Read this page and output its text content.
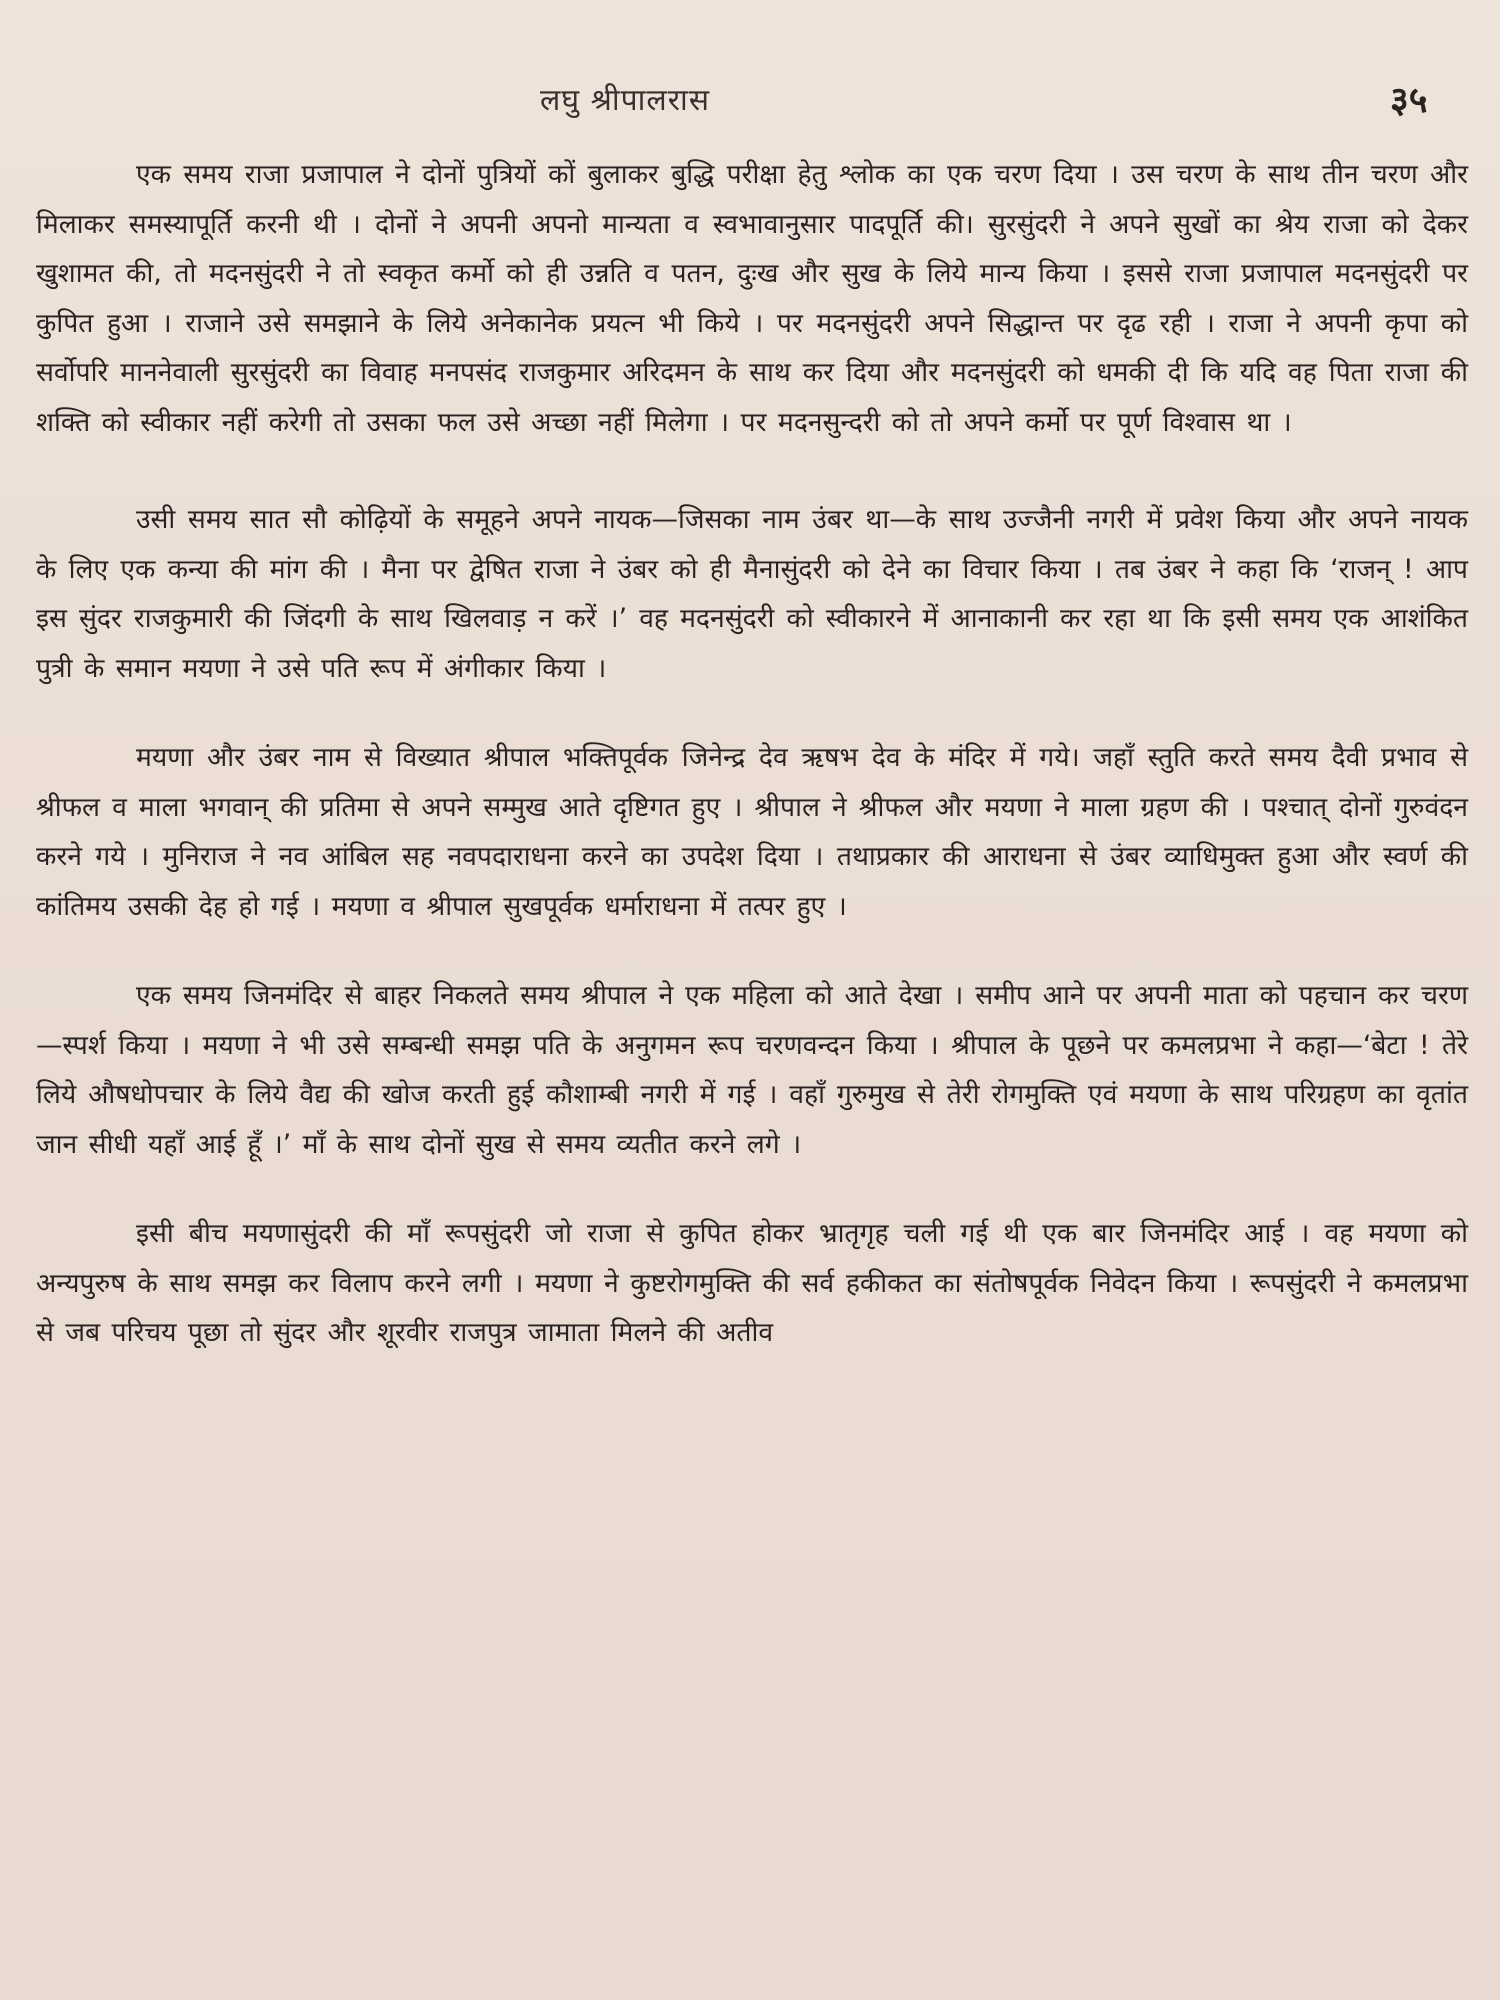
लघु श्रीपालरास	३५

एक समय राजा प्रजापाल ने दोनों पुत्रियों कों बुलाकर बुद्धि परीक्षा हेतु श्लोक का एक चरण दिया । उस चरण के साथ तीन चरण और मिलाकर समस्यापूर्ति करनी थी । दोनों ने अपनी अपनो मान्यता व स्वभावानुसार पादपूर्ति की। सुरसुंदरी ने अपने सुखों का श्रेय राजा को देकर खुशामत की, तो मदनसुंदरी ने तो स्वकृत कर्मो को ही उन्नति व पतन, दुःख और सुख के लिये मान्य किया । इससे राजा प्रजापाल मदनसुंदरी पर कुपित हुआ । राजाने उसे समझाने के लिये अनेकानेक प्रयत्न भी किये । पर मदनसुंदरी अपने सिद्धान्त पर दृढ रही । राजा ने अपनी कृपा को सर्वोपरि माननेवाली सुरसुंदरी का विवाह मनपसंद राजकुमार अरिदमन के साथ कर दिया और मदनसुंदरी को धमकी दी कि यदि वह पिता राजा की शक्ति को स्वीकार नहीं करेगी तो उसका फल उसे अच्छा नहीं मिलेगा । पर मदनसुन्दरी को तो अपने कर्मो पर पूर्ण विश्वास था ।

उसी समय सात सौ कोढ़ियों के समूहने अपने नायक—जिसका नाम उंबर था—के साथ उज्जैनी नगरी में प्रवेश किया और अपने नायक के लिए एक कन्या की मांग की । मैना पर द्वेषित राजा ने उंबर को ही मैनासुंदरी को देने का विचार किया । तब उंबर ने कहा कि ‘राजन् ! आप इस सुंदर राजकुमारी की जिंदगी के साथ खिलवाड़ न करें ।’ वह मदनसुंदरी को स्वीकारने में आनाकानी कर रहा था कि इसी समय एक आशंकित पुत्री के समान मयणा ने उसे पति रूप में अंगीकार किया ।

मयणा और उंबर नाम से विख्यात श्रीपाल भक्तिपूर्वक जिनेन्द्र देव ऋषभ देव के मंदिर में गये। जहाँ स्तुति करते समय दैवी प्रभाव से श्रीफल व माला भगवान् की प्रतिमा से अपने सम्मुख आते दृष्टिगत हुए । श्रीपाल ने श्रीफल और मयणा ने माला ग्रहण की । पश्चात् दोनों गुरुवंदन करने गये । मुनिराज ने नव आंबिल सह नवपदाराधना करने का उपदेश दिया । तथाप्रकार की आराधना से उंबर व्याधिमुक्त हुआ और स्वर्ण की कांतिमय उसकी देह हो गई । मयणा व श्रीपाल सुखपूर्वक धर्माराधना में तत्पर हुए ।

एक समय जिनमंदिर से बाहर निकलते समय श्रीपाल ने एक महिला को आते देखा । समीप आने पर अपनी माता को पहचान कर चरण—स्पर्श किया । मयणा ने भी उसे सम्बन्धी समझ पति के अनुगमन रूप चरणवन्दन किया । श्रीपाल के पूछने पर कमलप्रभा ने कहा—‘बेटा ! तेरे लिये औषधोपचार के लिये वैद्य की खोज करती हुई कौशाम्बी नगरी में गई । वहाँ गुरुमुख से तेरी रोगमुक्ति एवं मयणा के साथ परिग्रहण का वृतांत जान सीधी यहाँ आई हूँ ।’ माँ के साथ दोनों सुख से समय व्यतीत करने लगे ।

इसी बीच मयणासुंदरी की माँ रूपसुंदरी जो राजा से कुपित होकर भ्रातृगृह चली गई थी एक बार जिनमंदिर आई । वह मयणा को अन्यपुरुष के साथ समझ कर विलाप करने लगी । मयणा ने कुष्टरोगमुक्ति की सर्व हकीकत का संतोषपूर्वक निवेदन किया । रूपसुंदरी ने कमलप्रभा से जब परिचय पूछा तो सुंदर और शूरवीर राजपुत्र जामाता मिलने की अतीव
